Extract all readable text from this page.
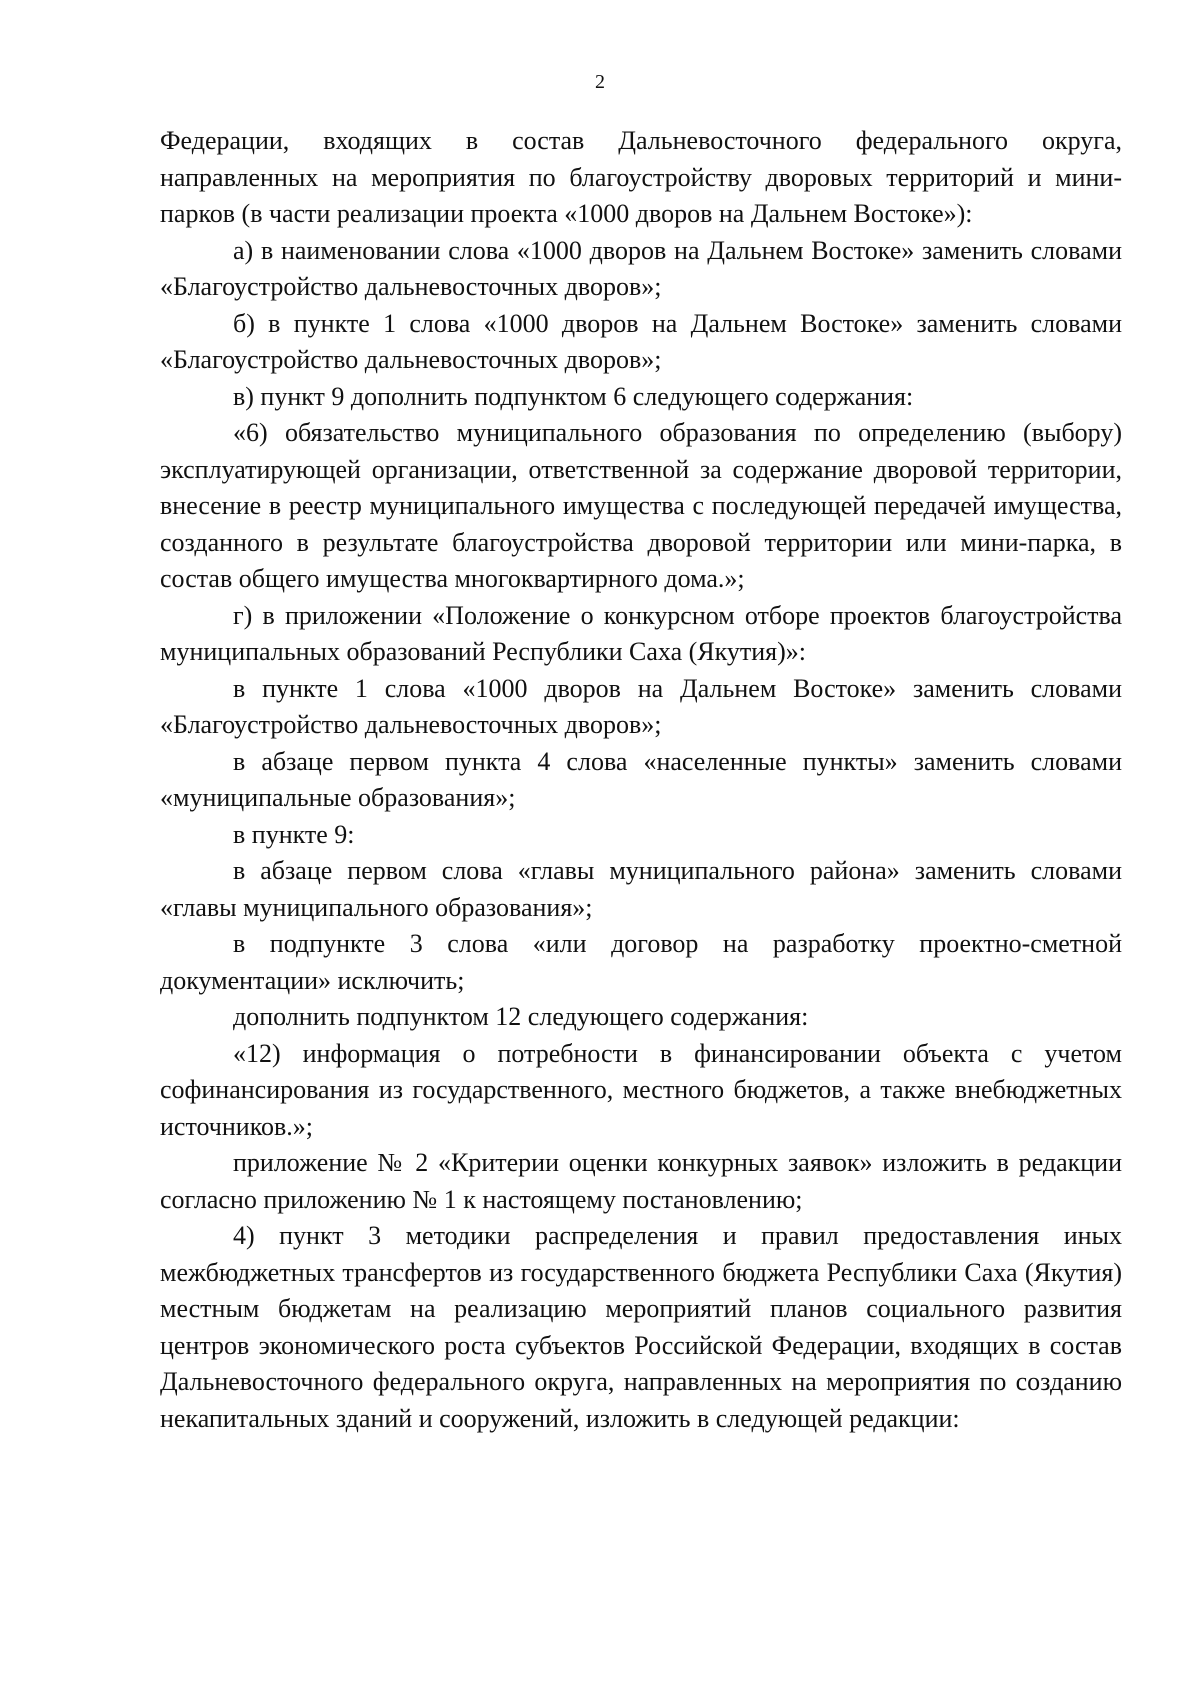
2

Федерации, входящих в состав Дальневосточного федерального округа, направленных на мероприятия по благоустройству дворовых территорий и мини-парков (в части реализации проекта «1000 дворов на Дальнем Востоке»):

а) в наименовании слова «1000 дворов на Дальнем Востоке» заменить словами «Благоустройство дальневосточных дворов»;

б) в пункте 1 слова «1000 дворов на Дальнем Востоке» заменить словами «Благоустройство дальневосточных дворов»;

в) пункт 9 дополнить подпунктом 6 следующего содержания:

«6) обязательство муниципального образования по определению (выбору) эксплуатирующей организации, ответственной за содержание дворовой территории, внесение в реестр муниципального имущества с последующей передачей имущества, созданного в результате благоустройства дворовой территории или мини-парка, в состав общего имущества многоквартирного дома.»;

г) в приложении «Положение о конкурсном отборе проектов благоустройства муниципальных образований Республики Саха (Якутия)»:

в пункте 1 слова «1000 дворов на Дальнем Востоке» заменить словами «Благоустройство дальневосточных дворов»;

в абзаце первом пункта 4 слова «населенные пункты» заменить словами «муниципальные образования»;

в пункте 9:

в абзаце первом слова «главы муниципального района» заменить словами «главы муниципального образования»;

в подпункте 3 слова «или договор на разработку проектно-сметной документации» исключить;

дополнить подпунктом 12 следующего содержания:

«12) информация о потребности в финансировании объекта с учетом софинансирования из государственного, местного бюджетов, а также внебюджетных источников.»;

приложение № 2 «Критерии оценки конкурных заявок» изложить в редакции согласно приложению № 1 к настоящему постановлению;

4) пункт 3 методики распределения и правил предоставления иных межбюджетных трансфертов из государственного бюджета Республики Саха (Якутия) местным бюджетам на реализацию мероприятий планов социального развития центров экономического роста субъектов Российской Федерации, входящих в состав Дальневосточного федерального округа, направленных на мероприятия по созданию некапитальных зданий и сооружений, изложить в следующей редакции:
